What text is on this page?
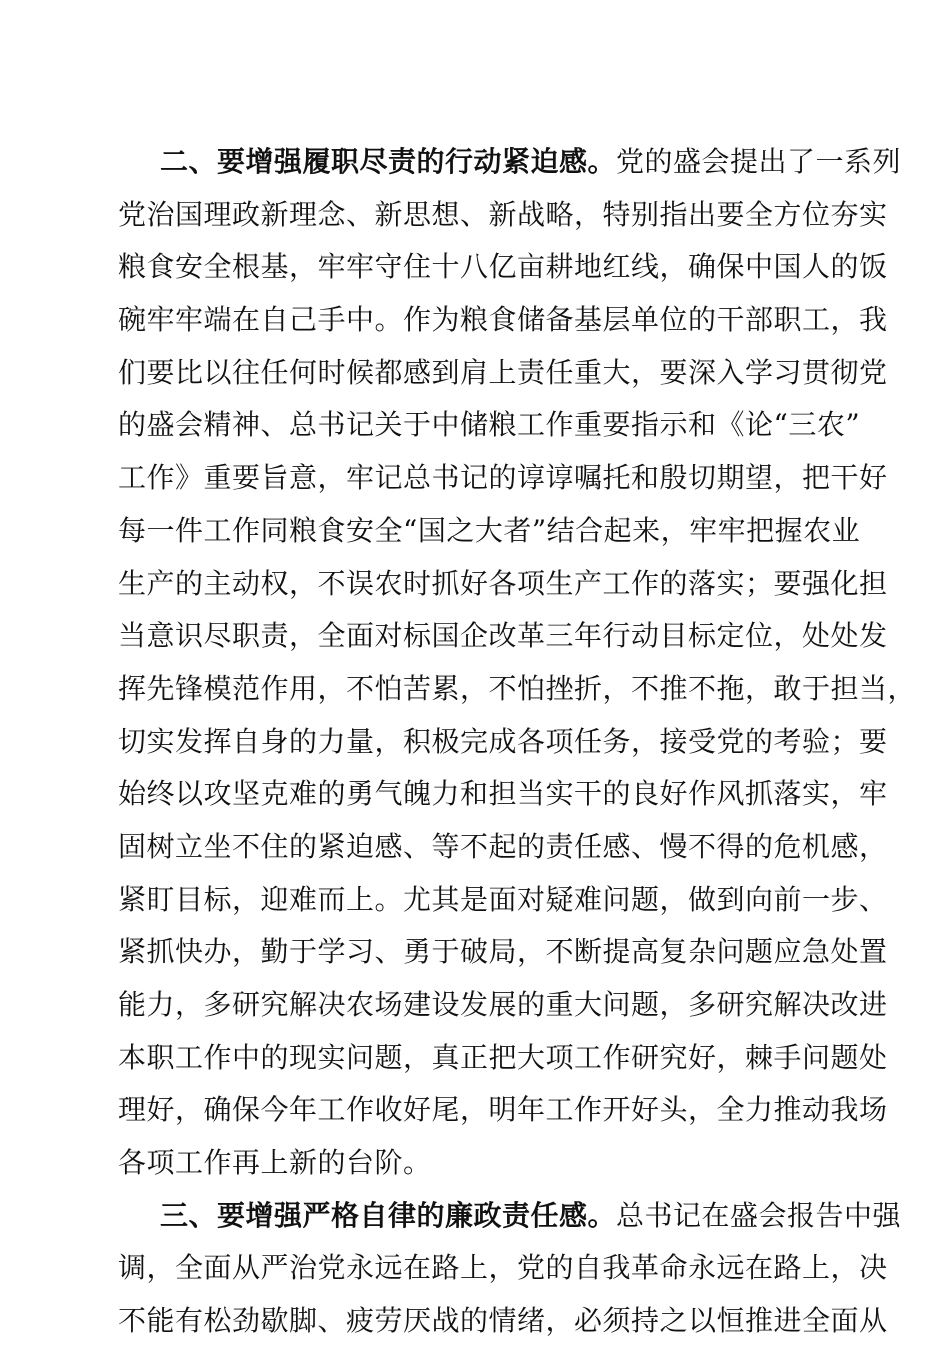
二、要增强履职尽责的行动紧迫感。党的盛会提出了一系列
党治国理政新理念、新思想、新战略，特别指出要全方位夯实
粮食安全根基，牢牢守住十八亿亩耕地红线，确保中国人的饭
碗牢牢端在自己手中。作为粮食储备基层单位的干部职工，我
们要比以往任何时候都感到肩上责任重大，要深入学习贯彻党
的盛会精神、总书记关于中储粮工作重要指示和《论“三农”
工作》重要旨意，牢记总书记的谆谆嘱托和殷切期望，把干好
每一件工作同粮食安全“国之大者”结合起来，牢牢把握农业
生产的主动权，不误农时抓好各项生产工作的落实；要强化担
当意识尽职责，全面对标国企改革三年行动目标定位，处处发
挥先锋模范作用，不怕苦累，不怕挫折，不推不拖，敢于担当，
切实发挥自身的力量，积极完成各项任务，接受党的考验；要
始终以攻坚克难的勇气魄力和担当实干的良好作风抓落实，牢
固树立坐不住的紧迫感、等不起的责任感、慢不得的危机感，
紧盯目标，迎难而上。尤其是面对疑难问题，做到向前一步、
紧抓快办，勤于学习、勇于破局，不断提高复杂问题应急处置
能力，多研究解决农场建设发展的重大问题，多研究解决改进
本职工作中的现实问题，真正把大项工作研究好，棘手问题处
理好，确保今年工作收好尾，明年工作开好头，全力推动我场
各项工作再上新的台阶。
三、要增强严格自律的廉政责任感。总书记在盛会报告中强
调，全面从严治党永远在路上，党的自我革命永远在路上，决
不能有松劲歇脚、疲劳厌战的情绪，必须持之以恒推进全面从
